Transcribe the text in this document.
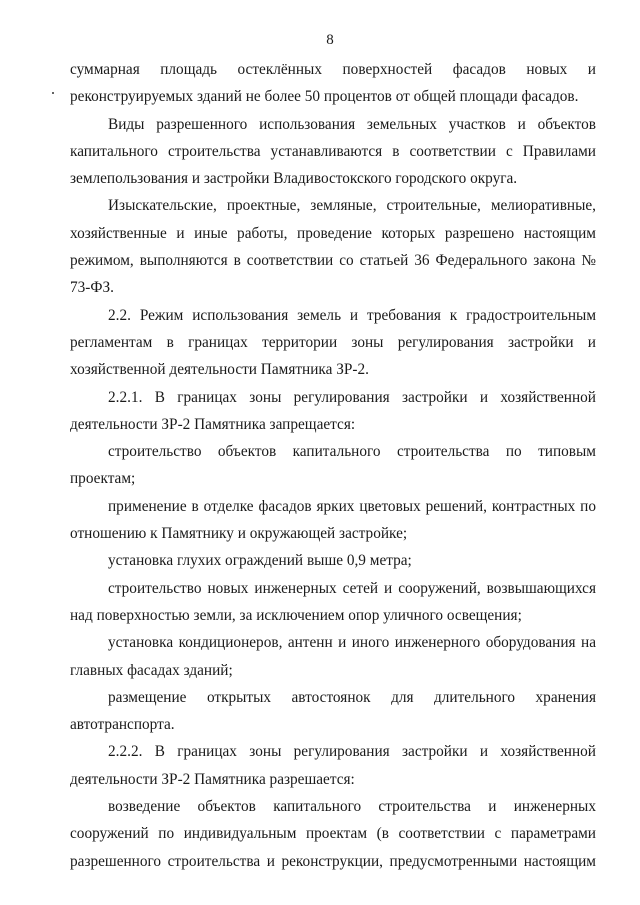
8

суммарная площадь остеклённых поверхностей фасадов новых и
реконструируемых зданий не более 50 процентов от общей площади фасадов.

Виды разрешенного использования земельных участков и объектов капитального строительства устанавливаются в соответствии с Правилами землепользования и застройки Владивостокского городского округа.

Изыскательские, проектные, земляные, строительные, мелиоративные, хозяйственные и иные работы, проведение которых разрешено настоящим режимом, выполняются в соответствии со статьей 36 Федерального закона № 73-ФЗ.

2.2. Режим использования земель и требования к градостроительным регламентам в границах территории зоны регулирования застройки и хозяйственной деятельности Памятника ЗР-2.

2.2.1. В границах зоны регулирования застройки и хозяйственной деятельности ЗР-2 Памятника запрещается:

строительство объектов капитального строительства по типовым проектам;

применение в отделке фасадов ярких цветовых решений, контрастных по отношению к Памятнику и окружающей застройке;

установка глухих ограждений выше 0,9 метра;

строительство новых инженерных сетей и сооружений, возвышающихся над поверхностью земли, за исключением опор уличного освещения;

установка кондиционеров, антенн и иного инженерного оборудования на главных фасадах зданий;

размещение открытых автостоянок для длительного хранения автотранспорта.

2.2.2. В границах зоны регулирования застройки и хозяйственной деятельности ЗР-2 Памятника разрешается:

возведение объектов капитального строительства и инженерных сооружений по индивидуальным проектам (в соответствии с параметрами разрешенного строительства и реконструкции, предусмотренными настоящим
